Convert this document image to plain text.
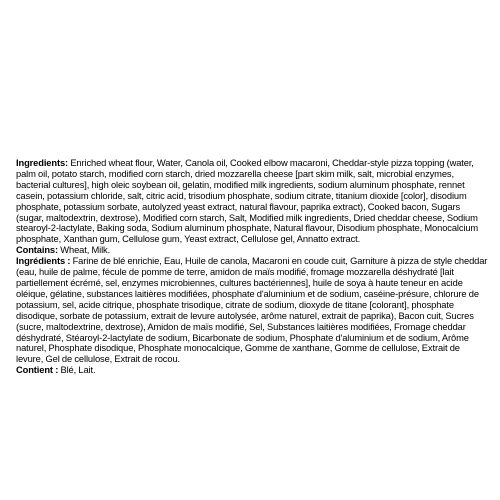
Ingredients: Enriched wheat flour, Water, Canola oil, Cooked elbow macaroni, Cheddar-style pizza topping (water, palm oil, potato starch, modified corn starch, dried mozzarella cheese [part skim milk, salt, microbial enzymes, bacterial cultures], high oleic soybean oil, gelatin, modified milk ingredients, sodium aluminum phosphate, rennet casein, potassium chloride, salt, citric acid, trisodium phosphate, sodium citrate, titanium dioxide [color], disodium phosphate, potassium sorbate, autolyzed yeast extract, natural flavour, paprika extract), Cooked bacon, Sugars (sugar, maltodextrin, dextrose), Modified corn starch, Salt, Modified milk ingredients, Dried cheddar cheese, Sodium stearoyl-2-lactylate, Baking soda, Sodium aluminum phosphate, Natural flavour, Disodium phosphate, Monocalcium phosphate, Xanthan gum, Cellulose gum, Yeast extract, Cellulose gel, Annatto extract.

Contains: Wheat, Milk.

Ingrédients : Farine de blé enrichie, Eau, Huile de canola, Macaroni en coude cuit, Garniture à pizza de style cheddar (eau, huile de palme, fécule de pomme de terre, amidon de maïs modifié, fromage mozzarella déshydraté [lait partiellement écrémé, sel, enzymes microbiennes, cultures bactériennes], huile de soya à haute teneur en acide oléique, gélatine, substances laitières modifiées, phosphate d'aluminium et de sodium, caséine-présure, chlorure de potassium, sel, acide citrique, phosphate trisodique, citrate de sodium, dioxyde de titane [colorant], phosphate disodique, sorbate de potassium, extrait de levure autolysée, arôme naturel, extrait de paprika), Bacon cuit, Sucres (sucre, maltodextrine, dextrose), Amidon de maïs modifié, Sel, Substances laitières modifiées, Fromage cheddar déshydraté, Stéaroyl-2-lactylate de sodium, Bicarbonate de sodium, Phosphate d'aluminium et de sodium, Arôme naturel, Phosphate disodique, Phosphate monocalcique, Gomme de xanthane, Gomme de cellulose, Extrait de levure, Gel de cellulose, Extrait de rocou.

Contient : Blé, Lait.
